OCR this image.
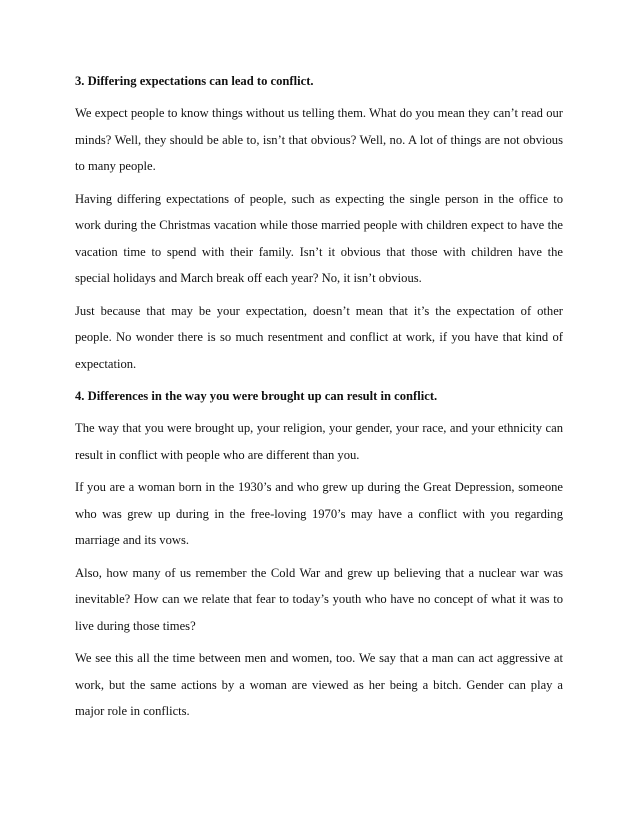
3. Differing expectations can lead to conflict.
We expect people to know things without us telling them. What do you mean they can’t read our minds? Well, they should be able to, isn’t that obvious? Well, no. A lot of things are not obvious to many people.
Having differing expectations of people, such as expecting the single person in the office to work during the Christmas vacation while those married people with children expect to have the vacation time to spend with their family. Isn’t it obvious that those with children have the special holidays and March break off each year? No, it isn’t obvious.
Just because that may be your expectation, doesn’t mean that it’s the expectation of other people. No wonder there is so much resentment and conflict at work, if you have that kind of expectation.
4. Differences in the way you were brought up can result in conflict.
The way that you were brought up, your religion, your gender, your race, and your ethnicity can result in conflict with people who are different than you.
If you are a woman born in the 1930’s and who grew up during the Great Depression, someone who was grew up during in the free-loving 1970’s may have a conflict with you regarding marriage and its vows.
Also, how many of us remember the Cold War and grew up believing that a nuclear war was inevitable? How can we relate that fear to today’s youth who have no concept of what it was to live during those times?
We see this all the time between men and women, too. We say that a man can act aggressive at work, but the same actions by a woman are viewed as her being a bitch. Gender can play a major role in conflicts.
